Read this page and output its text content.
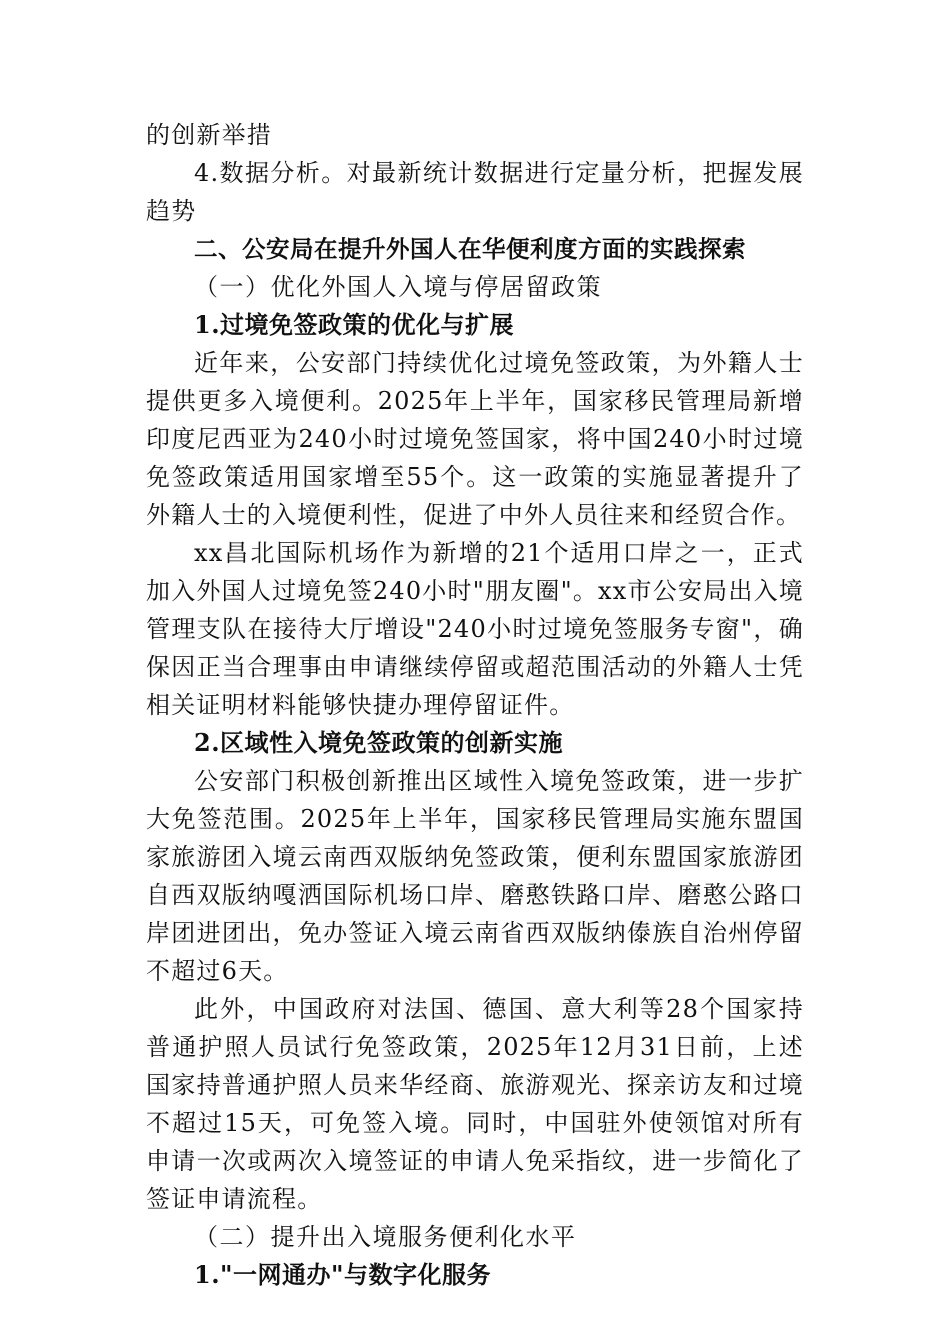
的创新举措

4.数据分析。对最新统计数据进行定量分析，把握发展趋势

二、公安局在提升外国人在华便利度方面的实践探索

（一）优化外国人入境与停居留政策

1.过境免签政策的优化与扩展

近年来，公安部门持续优化过境免签政策，为外籍人士提供更多入境便利。2025年上半年，国家移民管理局新增印度尼西亚为240小时过境免签国家，将中国240小时过境免签政策适用国家增至55个。这一政策的实施显著提升了外籍人士的入境便利性，促进了中外人员往来和经贸合作。

xx昌北国际机场作为新增的21个适用口岸之一，正式加入外国人过境免签240小时"朋友圈"。xx市公安局出入境管理支队在接待大厅增设"240小时过境免签服务专窗"，确保因正当合理事由申请继续停留或超范围活动的外籍人士凭相关证明材料能够快捷办理停留证件。

2.区域性入境免签政策的创新实施

公安部门积极创新推出区域性入境免签政策，进一步扩大免签范围。2025年上半年，国家移民管理局实施东盟国家旅游团入境云南西双版纳免签政策，便利东盟国家旅游团自西双版纳嘎洒国际机场口岸、磨憨铁路口岸、磨憨公路口岸团进团出，免办签证入境云南省西双版纳傣族自治州停留不超过6天。

此外，中国政府对法国、德国、意大利等28个国家持普通护照人员试行免签政策，2025年12月31日前，上述国家持普通护照人员来华经商、旅游观光、探亲访友和过境不超过15天，可免签入境。同时，中国驻外使领馆对所有申请一次或两次入境签证的申请人免采指纹，进一步简化了签证申请流程。

（二）提升出入境服务便利化水平

1."一网通办"与数字化服务
